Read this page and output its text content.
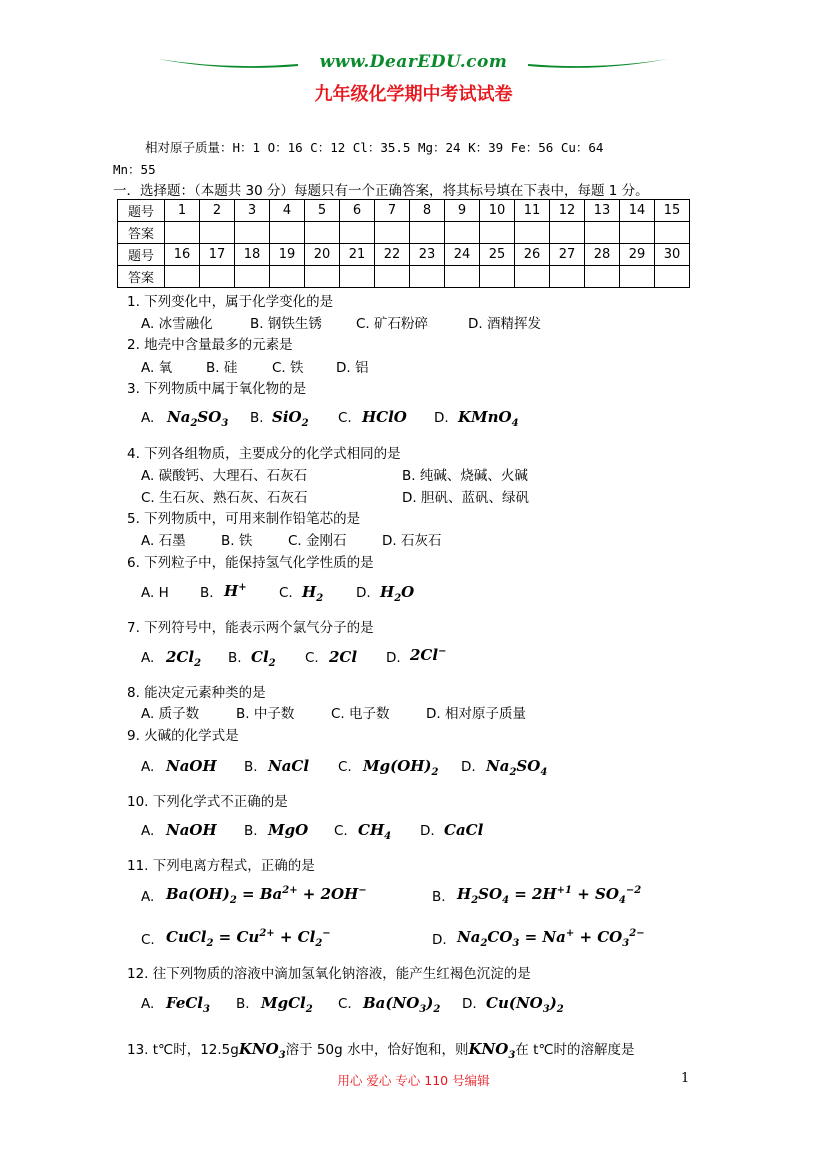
www.DearEDU.com
九年级化学期中考试试卷
相对原子质量：H：1 O：16 C：12 Cl：35.5 Mg：24 K：39 Fe：56 Cu：64
Mn：55
一．选择题：（本题共 30 分）每题只有一个正确答案，将其标号填在下表中，每题 1 分。
题号	1	2	3	4	5	6	7	8	9	10	11	12	13	14	15
答案															
题号	16	17	18	19	20	21	22	23	24	25	26	27	28	29	30
答案															
1. 下列变化中，属于化学变化的是
A. 冰雪融化	B. 钢铁生锈	C. 矿石粉碎	D. 酒精挥发
2. 地壳中含量最多的元素是
A. 氧	B. 硅	C. 铁 D. 铝
3. 下列物质中属于氧化物的是
A. $Na_2SO_3$ B. SiO$_2$ C. HClO D. KMnO$_4$
4. 下列各组物质，主要成分的化学式相同的是
A. 碳酸钙、大理石、石灰石	B. 纯碱、烧碱、火碱
C. 生石灰、熟石灰、石灰石	D. 胆矾、蓝矾、绿矾
5. 下列物质中，可用来制作铅笔芯的是
A. 石墨	B. 铁	C. 金刚石	D. 石灰石
6. 下列粒子中，能保持氢气化学性质的是
A. H B. H+ C. $H_2$ D. $H_2O$
7. 下列符号中，能表示两个氯气分子的是
A. $2Cl_2$ B. $Cl_2$ C. 2Cl D. 2Cl−
8. 能决定元素种类的是
A. 质子数	B. 中子数	C. 电子数	D. 相对原子质量
9. 火碱的化学式是
A. NaOH B. NaCl C. $Mg(OH)_2$ D. $Na_2SO_4$
10. 下列化学式不正确的是
A. NaOH B. MgO C. $CH_4$ D. CaCl
11. 下列电离方程式，正确的是
A. $Ba(OH)_2 = Ba^{2+} + 2OH^-$	B. $H_2SO_4 = 2H^{+1} + SO_4^{-2}$
C. CuCl$_2$ = $Cu^{2+} + Cl_2^-$	D. $Na_2CO_3 = Na^+ + CO_3^{2-}$
12. 往下列物质的溶液中滴加氢氧化钠溶液，能产生红褐色沉淀的是
A. FeCl$_3$ B. MgCl$_2$ C. $Ba(NO_3)_2$ D. $Cu(NO_3)_2$
13. t℃时，12.5gKNO$_3$溶于 50g 水中，恰好饱和，则$KNO_3$在 t℃时的溶解度是
用心 爱心 专心 110 号编辑	1
